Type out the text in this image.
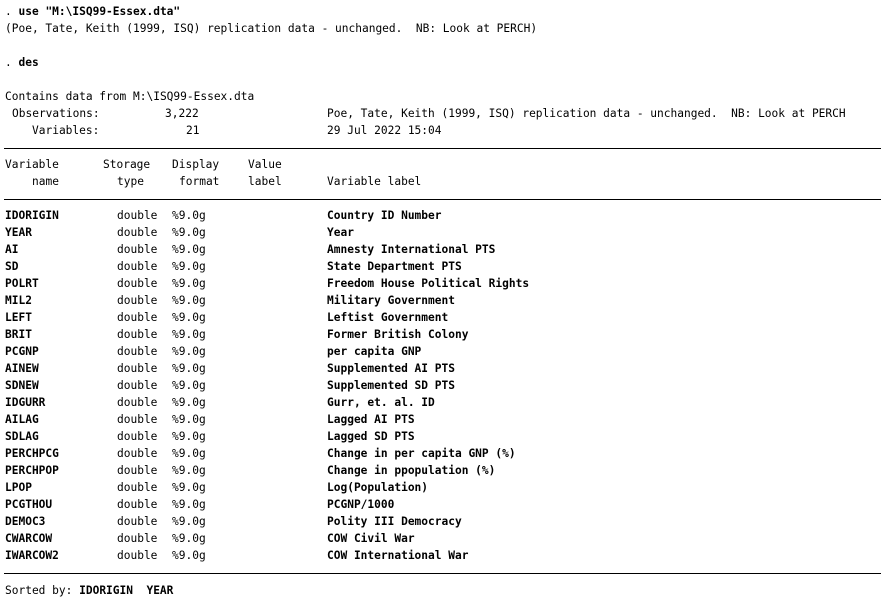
. use "M:\ISQ99-Essex.dta"
(Poe, Tate, Keith (1999, ISQ) replication data - unchanged.  NB: Look at PERCH)
. des
Contains data from M:\ISQ99-Essex.dta
Observations:	3,222	Poe, Tate, Keith (1999, ISQ) replication data - unchanged.  NB: Look at PERCH
Variables:	21	29 Jul 2022 15:04
Variable	Storage Display	Value
name	type	format	label	Variable label
IDORIGIN	double %9.0g	Country ID Number
YEAR	double %9.0g	Year
AI	double %9.0g	Amnesty International PTS
SD	double %9.0g	State Department PTS
POLRT	double %9.0g	Freedom House Political Rights
MIL2	double %9.0g	Military Government
LEFT	double %9.0g	Leftist Government
BRIT	double %9.0g	Former British Colony
PCGNP	double %9.0g	per capita GNP
AINEW	double %9.0g	Supplemented AI PTS
SDNEW	double %9.0g	Supplemented SD PTS
IDGURR	double %9.0g	Gurr, et. al. ID
AILAG	double %9.0g	Lagged AI PTS
SDLAG	double %9.0g	Lagged SD PTS
PERCHPCG	double %9.0g	Change in per capita GNP (%)
PERCHPOP	double %9.0g	Change in ppopulation (%)
LPOP	double %9.0g	Log(Population)
PCGTHOU	double %9.0g	PCGNP/1000
DEMOC3	double %9.0g	Polity III Democracy
CWARCOW	double %9.0g	COW Civil War
IWARCOW2	double %9.0g	COW International War
Sorted by: IDORIGIN  YEAR
